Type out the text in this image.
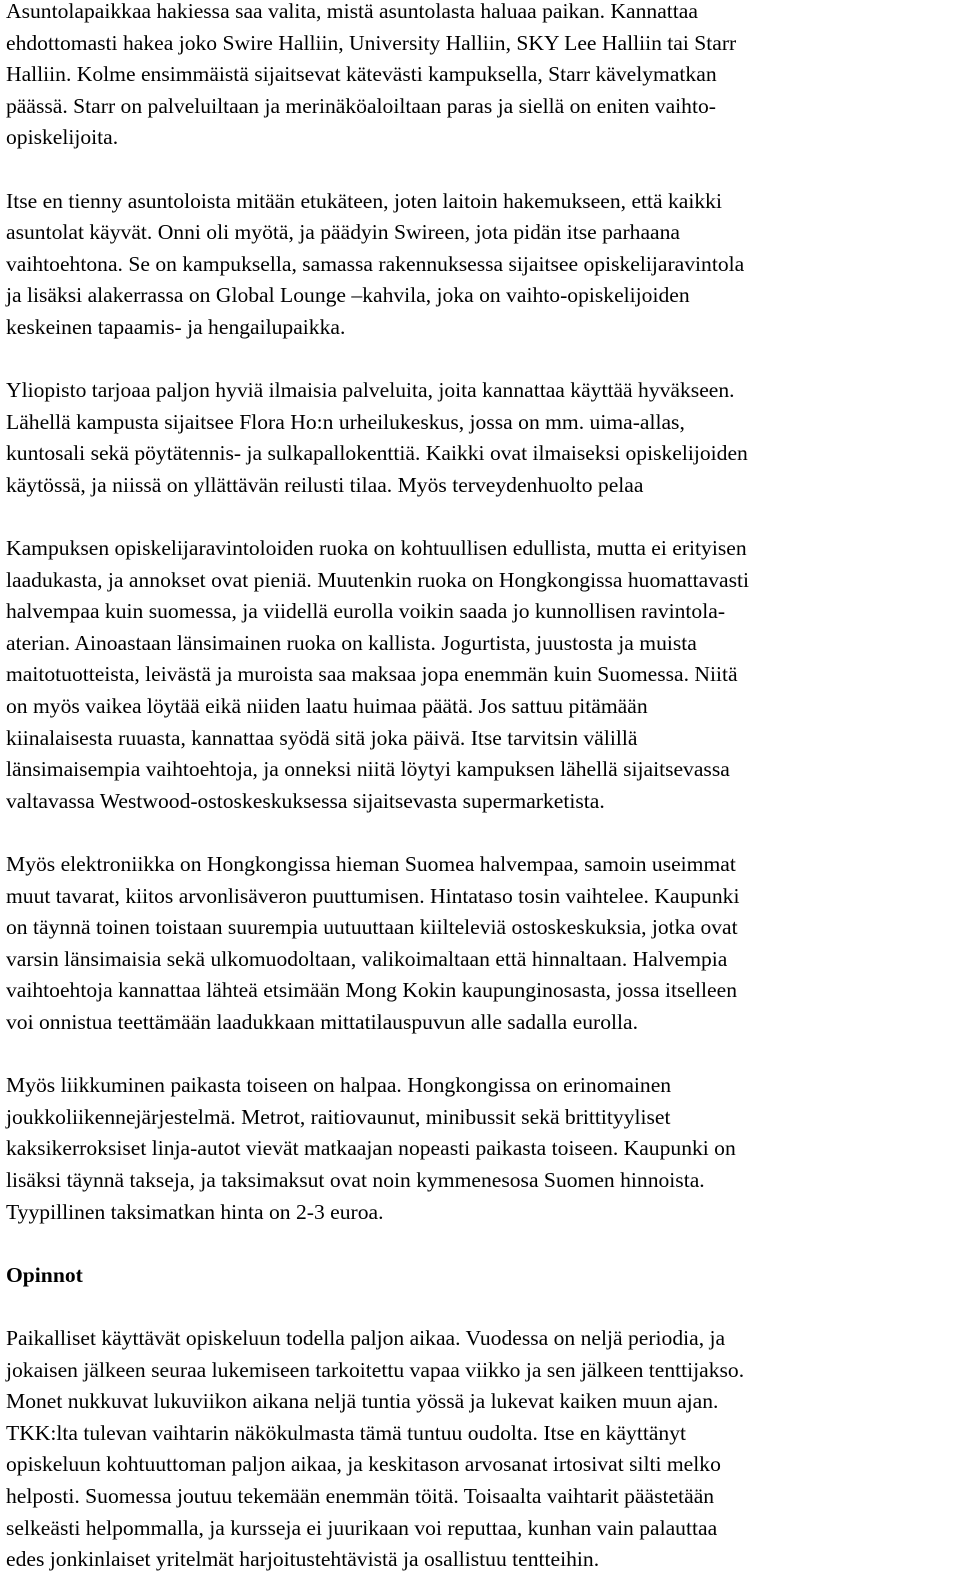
Asuntolapaikkaa hakiessa saa valita, mistä asuntolasta haluaa paikan. Kannattaa
ehdottomasti hakea joko Swire Halliin, University Halliin, SKY Lee Halliin tai Starr
Halliin. Kolme ensimmäistä sijaitsevat kätevästi kampuksella, Starr kävelymatkan
päässä. Starr on palveluiltaan ja merinäköaloiltaan paras ja siellä on eniten vaihto-
opiskelijoita.
Itse en tienny asuntoloista mitään etukäteen, joten laitoin hakemukseen, että kaikki
asuntolat käyvät. Onni oli myötä, ja päädyin Swireen, jota pidän itse parhaana
vaihtoehtona. Se on kampuksella, samassa rakennuksessa sijaitsee opiskelijaravintola
ja lisäksi alakerrassa on Global Lounge –kahvila, joka on vaihto-opiskelijoiden
keskeinen tapaamis- ja hengailupaikka.
Yliopisto tarjoaa paljon hyviä ilmaisia palveluita, joita kannattaa käyttää hyväkseen.
Lähellä kampusta sijaitsee Flora Ho:n urheilukeskus, jossa on mm. uima-allas,
kuntosali sekä pöytätennis- ja sulkapallokenttiä. Kaikki ovat ilmaiseksi opiskelijoiden
käytössä, ja niissä on yllättävän reilusti tilaa. Myös terveydenhuolto pelaa
Kampuksen opiskelijaravintoloiden ruoka on kohtuullisen edullista, mutta ei erityisen
laadukasta, ja annokset ovat pieniä. Muutenkin ruoka on Hongkongissa huomattavasti
halvempaa kuin suomessa, ja viidellä eurolla voikin saada jo kunnollisen ravintola-
aterian. Ainoastaan länsimainen ruoka on kallista. Jogurtista, juustosta ja muista
maitotuotteista, leivästä ja muroista saa maksaa jopa enemmän kuin Suomessa. Niitä
on myös vaikea löytää eikä niiden laatu huimaa päätä. Jos sattuu pitämään
kiinalaisesta ruuasta, kannattaa syödä sitä joka päivä. Itse tarvitsin välillä
länsimaisempia vaihtoehtoja, ja onneksi niitä löytyi kampuksen lähellä sijaitsevassa
valtavassa Westwood-ostoskeskuksessa sijaitsevasta supermarketista.
Myös elektroniikka on Hongkongissa hieman Suomea halvempaa, samoin useimmat
muut tavarat, kiitos arvonlisäveron puuttumisen. Hintataso tosin vaihtelee. Kaupunki
on täynnä toinen toistaan suurempia uutuuttaan kiilteleviä ostoskeskuksia, jotka ovat
varsin länsimaisia sekä ulkomuodoltaan, valikoimaltaan että hinnaltaan. Halvempia
vaihtoehtoja kannattaa lähteä etsimään Mong Kokin kaupunginosasta, jossa itselleen
voi onnistua teettämään laadukkaan mittatilauspuvun alle sadalla eurolla.
Myös liikkuminen paikasta toiseen on halpaa. Hongkongissa on erinomainen
joukkoliikennejärjestelmä. Metrot, raitiovaunut, minibussit sekä brittityyliset
kaksikerroksiset linja-autot vievät matkaajan nopeasti paikasta toiseen. Kaupunki on
lisäksi täynnä takseja, ja taksimaksut ovat noin kymmenesosa Suomen hinnoista.
Tyypillinen taksimatkan hinta on 2-3 euroa.
Opinnot
Paikalliset käyttävät opiskeluun todella paljon aikaa. Vuodessa on neljä periodia, ja
jokaisen jälkeen seuraa lukemiseen tarkoitettu vapaa viikko ja sen jälkeen tenttijakso.
Monet nukkuvat lukuviikon aikana neljä tuntia yössä ja lukevat kaiken muun ajan.
TKK:lta tulevan vaihtarin näkökulmasta tämä tuntuu oudolta. Itse en käyttänyt
opiskeluun kohtuuttoman paljon aikaa, ja keskitason arvosanat irtosivat silti melko
helposti. Suomessa joutuu tekemään enemmän töitä. Toisaalta vaihtarit päästetään
selkeästi helpommalla, ja kursseja ei juurikaan voi reputtaa, kunhan vain palauttaa
edes jonkinlaiset yritelmät harjoitustehtävistä ja osallistuu tentteihin.
